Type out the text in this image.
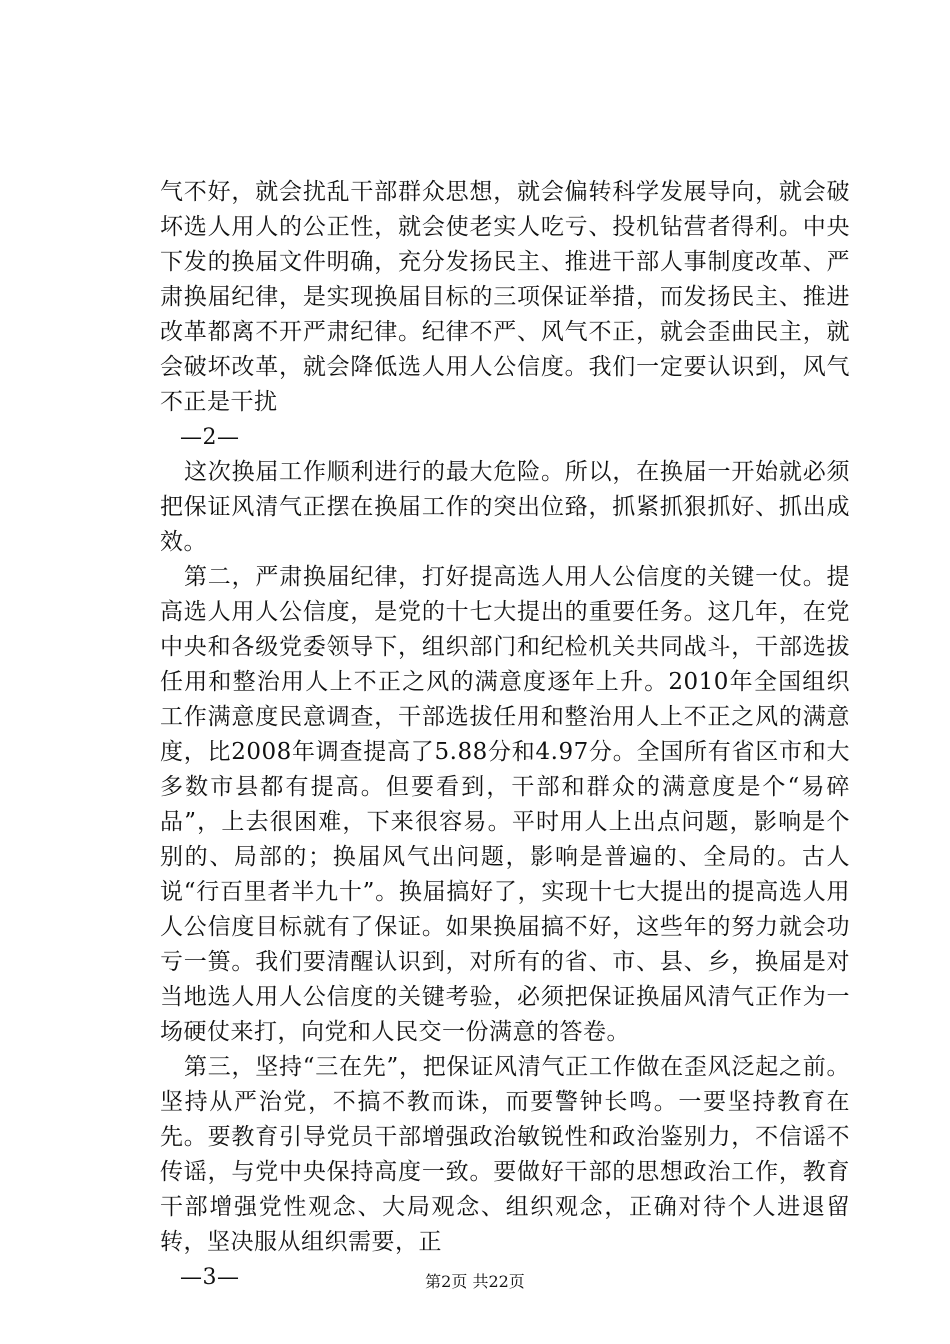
气不好，就会扰乱干部群众思想，就会偏转科学发展导向，就会破坏选人用人的公正性，就会使老实人吃亏、投机钻营者得利。中央下发的换届文件明确，充分发扬民主、推进干部人事制度改革、严肃换届纪律，是实现换届目标的三项保证举措，而发扬民主、推进改革都离不开严肃纪律。纪律不严、风气不正，就会歪曲民主，就会破坏改革，就会降低选人用人公信度。我们一定要认识到，风气不正是干扰

—2—

这次换届工作顺利进行的最大危险。所以，在换届一开始就必须把保证风清气正摆在换届工作的突出位臵，抓紧抓狠抓好、抓出成效。

第二，严肃换届纪律，打好提高选人用人公信度的关键一仗。提高选人用人公信度，是党的十七大提出的重要任务。这几年，在党中央和各级党委领导下，组织部门和纪检机关共同战斗，干部选拔任用和整治用人上不正之风的满意度逐年上升。2010年全国组织工作满意度民意调查，干部选拔任用和整治用人上不正之风的满意度，比2008年调查提高了5.88分和4.97分。全国所有省区市和大多数市县都有提高。但要看到，干部和群众的满意度是个“易碎品”，上去很困难，下来很容易。平时用人上出点问题，影响是个别的、局部的；换届风气出问题，影响是普遍的、全局的。古人说“行百里者半九十”。换届搞好了，实现十七大提出的提高选人用人公信度目标就有了保证。如果换届搞不好，这些年的努力就会功亏一篑。我们要清醒认识到，对所有的省、市、县、乡，换届是对当地选人用人公信度的关键考验，必须把保证换届风清气正作为一场硬仗来打，向党和人民交一份满意的答卷。

第三，坚持“三在先”，把保证风清气正工作做在歪风泛起之前。坚持从严治党，不搞不教而诛，而要警钟长鸣。一要坚持教育在先。要教育引导党员干部增强政治敏锐性和政治鉴别力，不信谣不传谣，与党中央保持高度一致。要做好干部的思想政治工作，教育干部增强党性观念、大局观念、组织观念，正确对待个人进退留转，坚决服从组织需要，正

—3—	第2页 共22页
